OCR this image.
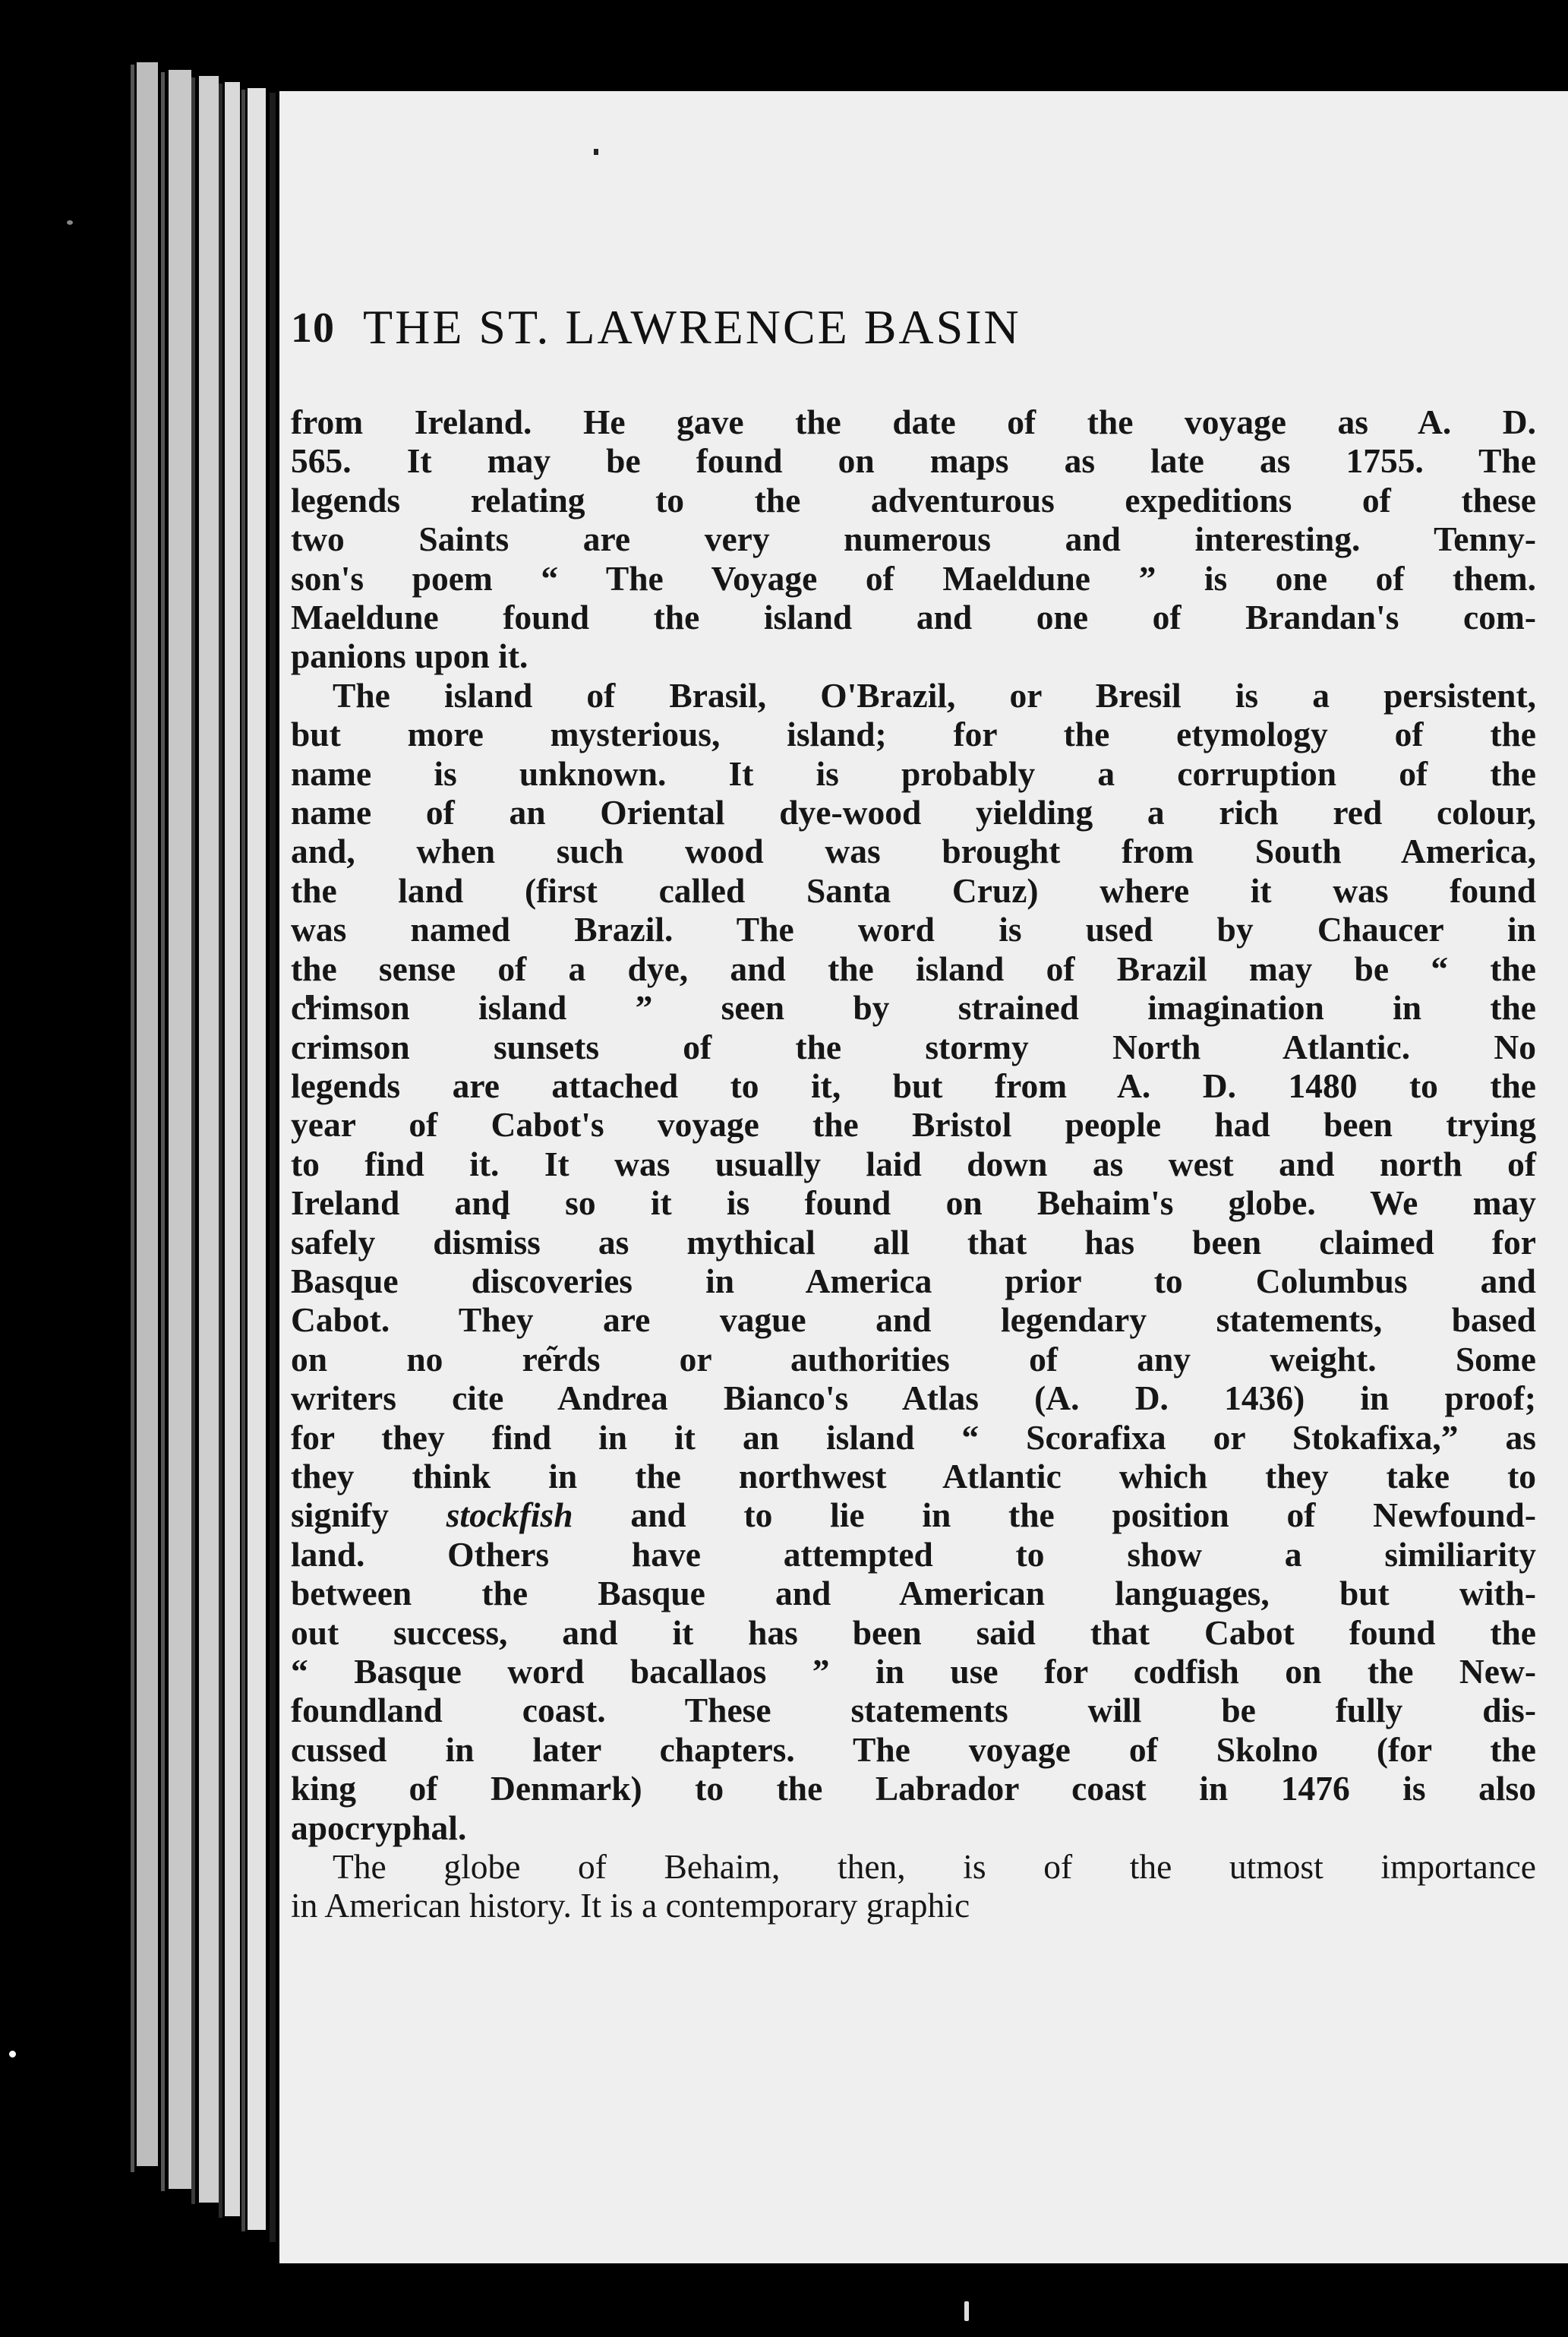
10 THE ST. LAWRENCE BASIN
from Ireland. He gave the date of the voyage as A. D.
565. It may be found on maps as late as 1755. The
legends relating to the adventurous expeditions of these
two Saints are very numerous and interesting. Tenny-
son's poem “ The Voyage of Maeldune ” is one of them.
Maeldune found the island and one of Brandan's com-
panions upon it.
The island of Brasil, O'Brazil, or Bresil is a persistent,
but more mysterious, island; for the etymology of the
name is unknown. It is probably a corruption of the
name of an Oriental dye-wood yielding a rich red colour,
and, when such wood was brought from South America,
the land (first called Santa Cruz) where it was found
was named Brazil. The word is used by Chaucer in
the sense of a dye, and the island of Brazil may be “ the
crimson island ” seen by strained imagination in the
crimson sunsets of the stormy North Atlantic. No
legends are attached to it, but from A. D. 1480 to the
year of Cabot's voyage the Bristol people had been trying
to find it. It was usually laid down as west and north of
Ireland and so it is found on Behaim's globe. We may
safely dismiss as mythical all that has been claimed for
Basque discoveries in America prior to Columbus and
Cabot. They are vague and legendary statements, based
on no re᷉᷉rds or authorities of any weight. Some
writers cite Andrea Bianco's Atlas (A. D. 1436) in proof;
for they find in it an island “ Scorafixa or Stokafixa,” as
they think in the northwest Atlantic which they take to
signify stockfish and to lie in the position of Newfound-
land. Others have attempted to show a similiarity
between the Basque and American languages, but with-
out success, and it has been said that Cabot found the
“ Basque word bacallaos ” in use for codfish on the New-
foundland coast. These statements will be fully dis-
cussed in later chapters. The voyage of Skolno (for the
king of Denmark) to the Labrador coast in 1476 is also
apocryphal.
The globe of Behaim, then, is of the utmost importance
in American history. It is a contemporary graphic
